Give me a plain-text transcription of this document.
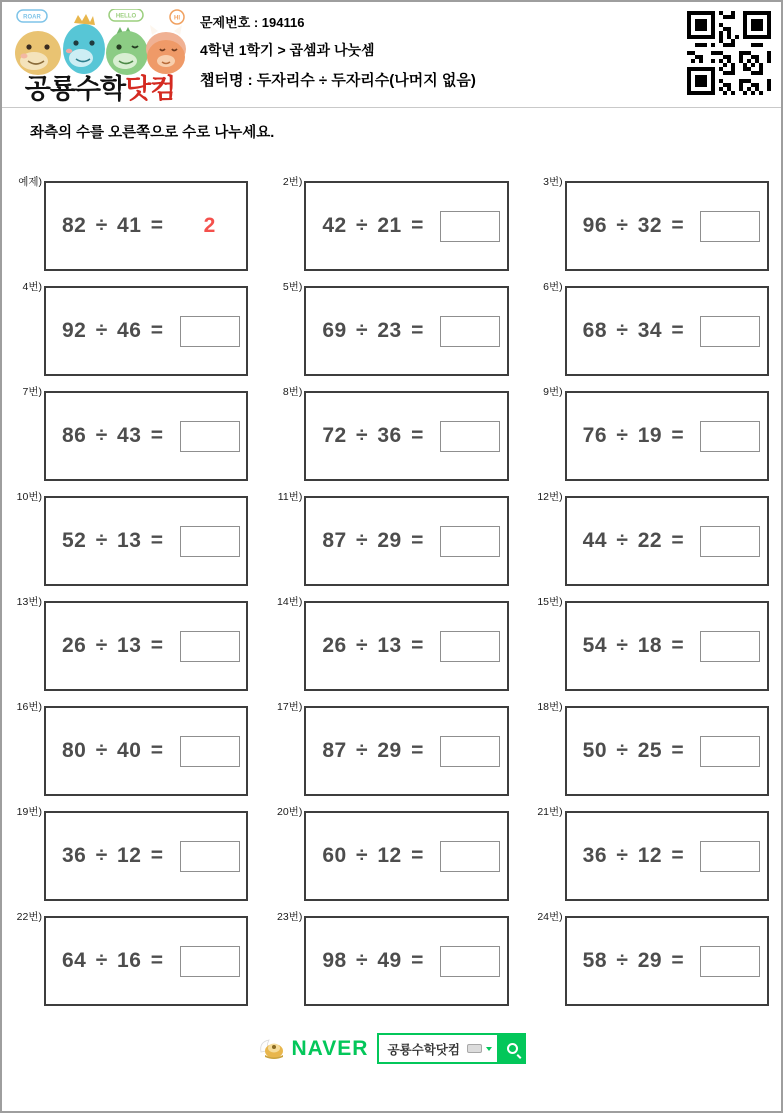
ROAR	HELLO	HI
공룡수학닷컴
문제번호 : 194116
4학년 1학기 > 곱셈과 나눗셈
챕터명 : 두자리수 ÷ 두자리수(나머지 없음)
좌측의 수를 오른쪽으로 수로 나누세요.
예제)
82 ÷ 41 =	2
2번)
42 ÷ 21 =
3번)
96 ÷ 32 =
4번)
92 ÷ 46 =
5번)
69 ÷ 23 =
6번)
68 ÷ 34 =
7번)
86 ÷ 43 =
8번)
72 ÷ 36 =
9번)
76 ÷ 19 =
10번)
52 ÷ 13 =
11번)
87 ÷ 29 =
12번)
44 ÷ 22 =
13번)
26 ÷ 13 =
14번)
26 ÷ 13 =
15번)
54 ÷ 18 =
16번)
80 ÷ 40 =
17번)
87 ÷ 29 =
18번)
50 ÷ 25 =
19번)
36 ÷ 12 =
20번)
60 ÷ 12 =
21번)
36 ÷ 12 =
22번)
64 ÷ 16 =
23번)
98 ÷ 49 =
24번)
58 ÷ 29 =
NAVER 공룡수학닷컴
